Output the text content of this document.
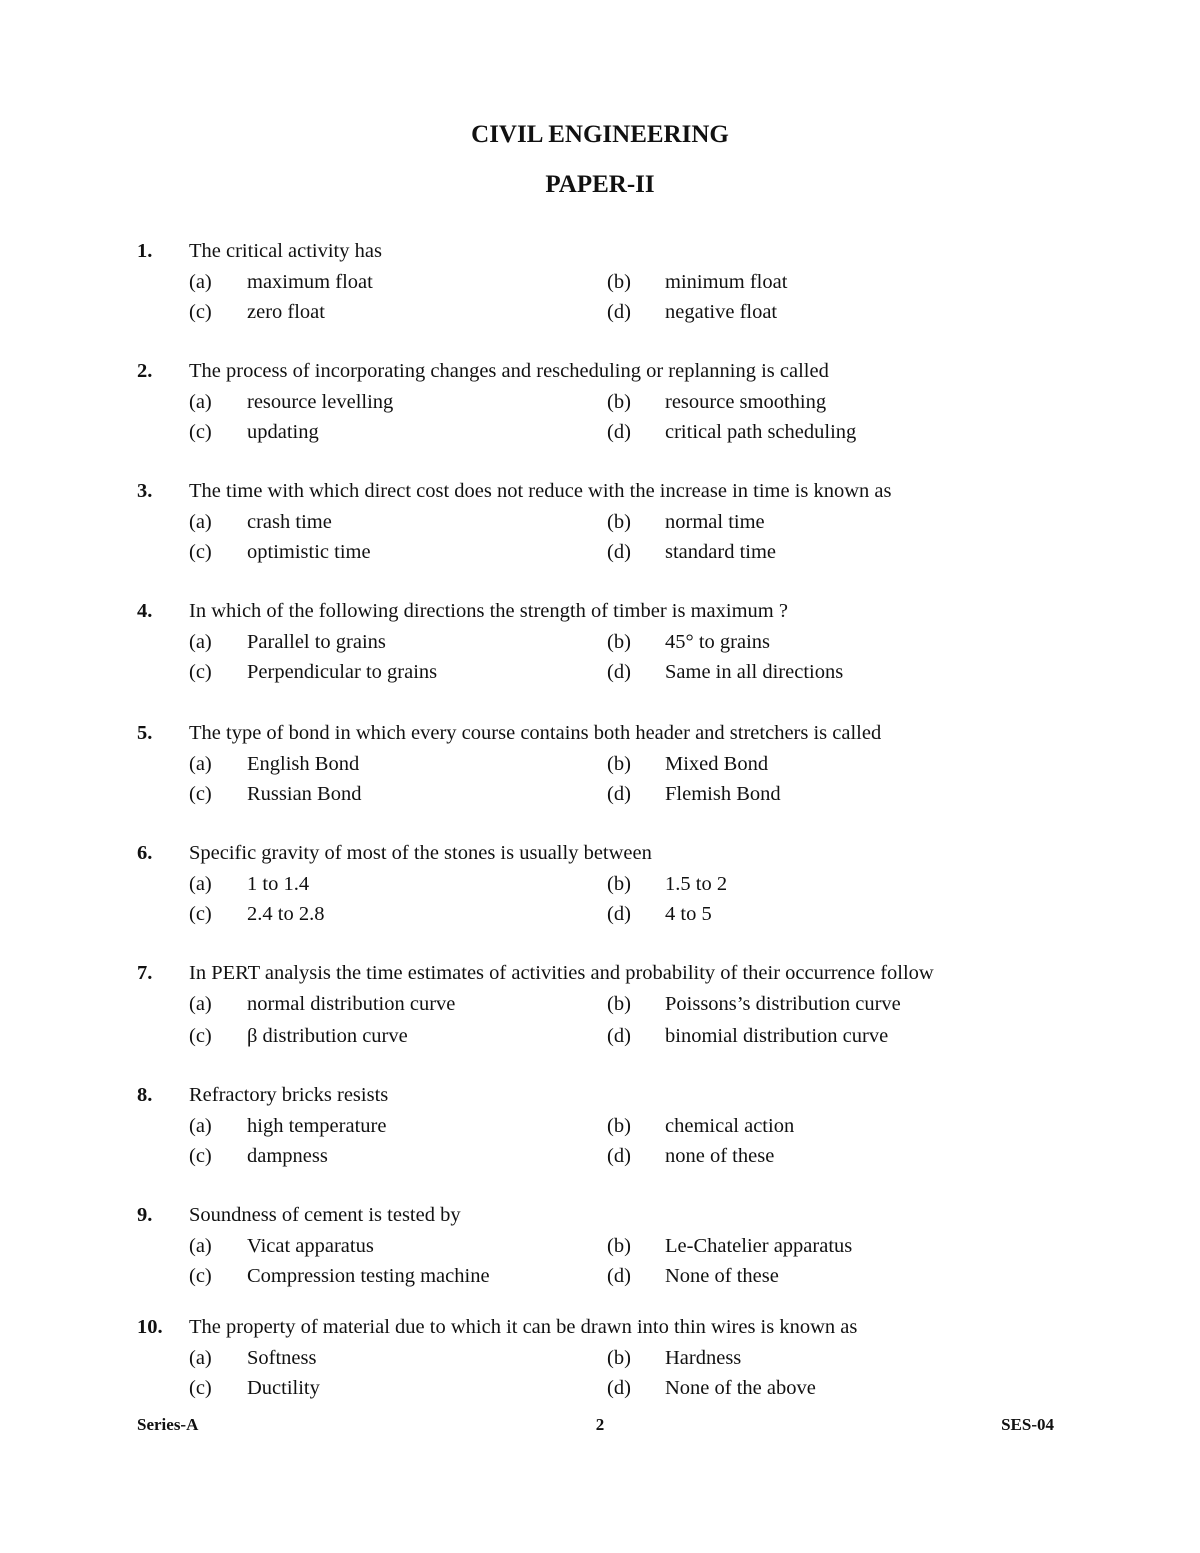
CIVIL ENGINEERING
PAPER-II
1. The critical activity has
(a) maximum float	(b) minimum float
(c) zero float	(d) negative float
2. The process of incorporating changes and rescheduling or replanning is called
(a) resource levelling	(b) resource smoothing
(c) updating	(d) critical path scheduling
3. The time with which direct cost does not reduce with the increase in time is known as
(a) crash time	(b) normal time
(c) optimistic time	(d) standard time
4. In which of the following directions the strength of timber is maximum ?
(a) Parallel to grains	(b) 45° to grains
(c) Perpendicular to grains	(d) Same in all directions
5. The type of bond in which every course contains both header and stretchers is called
(a) English Bond	(b) Mixed Bond
(c) Russian Bond	(d) Flemish Bond
6. Specific gravity of most of the stones is usually between
(a) 1 to 1.4	(b) 1.5 to 2
(c) 2.4 to 2.8	(d) 4 to 5
7. In PERT analysis the time estimates of activities and probability of their occurrence follow
(a) normal distribution curve	(b) Poissons’s distribution curve
(c) β distribution curve	(d) binomial distribution curve
8. Refractory bricks resists
(a) high temperature	(b) chemical action
(c) dampness	(d) none of these
9. Soundness of cement is tested by
(a) Vicat apparatus	(b) Le-Chatelier apparatus
(c) Compression testing machine	(d) None of these
10. The property of material due to which it can be drawn into thin wires is known as
(a) Softness	(b) Hardness
(c) Ductility	(d) None of the above
Series-A	2	SES-04
